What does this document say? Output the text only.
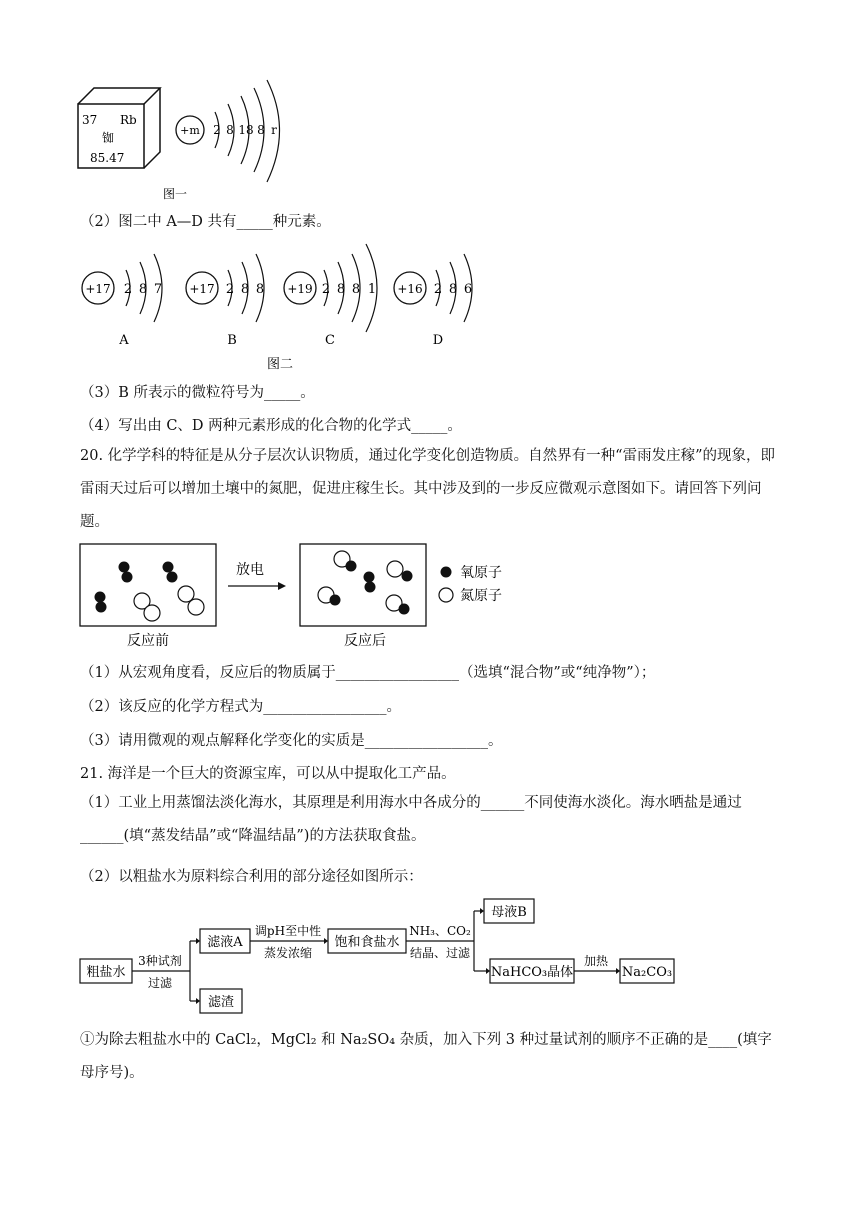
37 Rb
铷
85.47
+m 2 8 18 8 r
图一
（2）图二中 A—D 共有_____种元素。
+17 2 8 7
A
+17 2 8 8
B
+19 2 8 8 1
C
+16 2 8 6
D
图二
（3）B 所表示的微粒符号为_____。
（4）写出由 C、D 两种元素形成的化合物的化学式_____。
20. 化学学科的特征是从分子层次认识物质，通过化学变化创造物质。自然界有一种“雷雨发庄稼”的现象，即雷雨天过后可以增加土壤中的氮肥，促进庄稼生长。其中涉及到的一步反应微观示意图如下。请回答下列问题。
反应前
放电
反应后
氧原子
氮原子
（1）从宏观角度看，反应后的物质属于_________________（选填“混合物”或“纯净物”）；
（2）该反应的化学方程式为_________________。
（3）请用微观的观点解释化学变化的实质是_________________。
21. 海洋是一个巨大的资源宝库，可以从中提取化工产品。
（1）工业上用蒸馏法淡化海水，其原理是利用海水中各成分的______不同使海水淡化。海水晒盐是通过______(填“蒸发结晶”或“降温结晶”)的方法获取食盐。
（2）以粗盐水为原料综合利用的部分途径如图所示：
粗盐水
滤液A
滤渣
饱和食盐水
母液B
NaHCO₃晶体	Na₂CO₃
3种试剂
过滤
调pH至中性
蒸发浓缩
NH₃、CO₂
结晶、过滤
加热
①为除去粗盐水中的 CaCl₂，MgCl₂ 和 Na₂SO₄ 杂质，加入下列 3 种过量试剂的顺序不正确的是____(填字母序号)。
